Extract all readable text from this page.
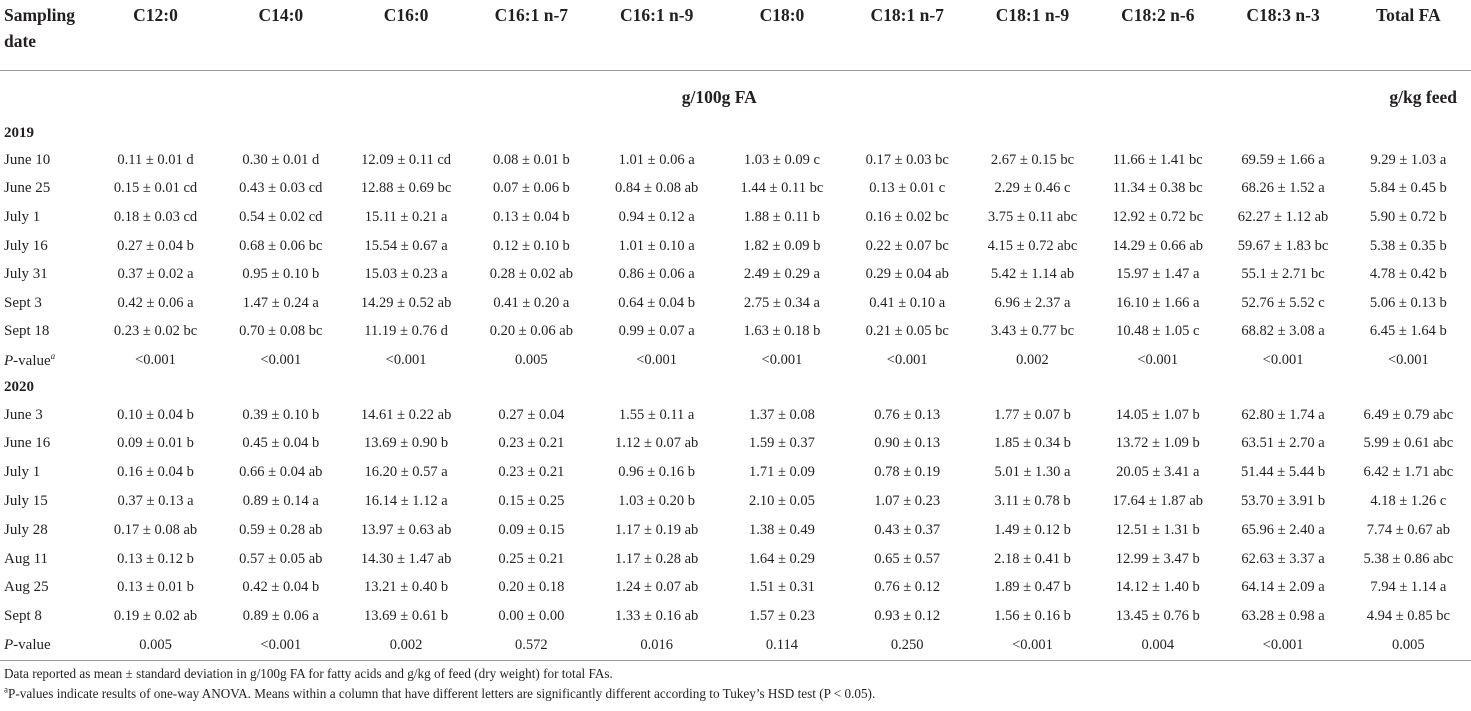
Sampling
date	C12:0	C14:0	C16:0	C16:1 n-7	C16:1 n-9	C18:0	C18:1 n-7	C18:1 n-9	C18:2 n-6	C18:3 n-3	Total FA
					g/100g FA						g/kg feed
2019											
June 10	0.11 ± 0.01 d	0.30 ± 0.01 d	12.09 ± 0.11 cd	0.08 ± 0.01 b	1.01 ± 0.06 a	1.03 ± 0.09 c	0.17 ± 0.03 bc	2.67 ± 0.15 bc	11.66 ± 1.41 bc	69.59 ± 1.66 a	9.29 ± 1.03 a
June 25	0.15 ± 0.01 cd	0.43 ± 0.03 cd	12.88 ± 0.69 bc	0.07 ± 0.06 b	0.84 ± 0.08 ab	1.44 ± 0.11 bc	0.13 ± 0.01 c	2.29 ± 0.46 c	11.34 ± 0.38 bc	68.26 ± 1.52 a	5.84 ± 0.45 b
July 1	0.18 ± 0.03 cd	0.54 ± 0.02 cd	15.11 ± 0.21 a	0.13 ± 0.04 b	0.94 ± 0.12 a	1.88 ± 0.11 b	0.16 ± 0.02 bc	3.75 ± 0.11 abc	12.92 ± 0.72 bc	62.27 ± 1.12 ab	5.90 ± 0.72 b
July 16	0.27 ± 0.04 b	0.68 ± 0.06 bc	15.54 ± 0.67 a	0.12 ± 0.10 b	1.01 ± 0.10 a	1.82 ± 0.09 b	0.22 ± 0.07 bc	4.15 ± 0.72 abc	14.29 ± 0.66 ab	59.67 ± 1.83 bc	5.38 ± 0.35 b
July 31	0.37 ± 0.02 a	0.95 ± 0.10 b	15.03 ± 0.23 a	0.28 ± 0.02 ab	0.86 ± 0.06 a	2.49 ± 0.29 a	0.29 ± 0.04 ab	5.42 ± 1.14 ab	15.97 ± 1.47 a	55.1 ± 2.71 bc	4.78 ± 0.42 b
Sept 3	0.42 ± 0.06 a	1.47 ± 0.24 a	14.29 ± 0.52 ab	0.41 ± 0.20 a	0.64 ± 0.04 b	2.75 ± 0.34 a	0.41 ± 0.10 a	6.96 ± 2.37 a	16.10 ± 1.66 a	52.76 ± 5.52 c	5.06 ± 0.13 b
Sept 18	0.23 ± 0.02 bc	0.70 ± 0.08 bc	11.19 ± 0.76 d	0.20 ± 0.06 ab	0.99 ± 0.07 a	1.63 ± 0.18 b	0.21 ± 0.05 bc	3.43 ± 0.77 bc	10.48 ± 1.05 c	68.82 ± 3.08 a	6.45 ± 1.64 b
P-value$^a$	<0.001	<0.001	<0.001	0.005	<0.001	<0.001	<0.001	0.002	<0.001	<0.001	<0.001
2020											
June 3	0.10 ± 0.04 b	0.39 ± 0.10 b	14.61 ± 0.22 ab	0.27 ± 0.04	1.55 ± 0.11 a	1.37 ± 0.08	0.76 ± 0.13	1.77 ± 0.07 b	14.05 ± 1.07 b	62.80 ± 1.74 a	6.49 ± 0.79 abc
June 16	0.09 ± 0.01 b	0.45 ± 0.04 b	13.69 ± 0.90 b	0.23 ± 0.21	1.12 ± 0.07 ab	1.59 ± 0.37	0.90 ± 0.13	1.85 ± 0.34 b	13.72 ± 1.09 b	63.51 ± 2.70 a	5.99 ± 0.61 abc
July 1	0.16 ± 0.04 b	0.66 ± 0.04 ab	16.20 ± 0.57 a	0.23 ± 0.21	0.96 ± 0.16 b	1.71 ± 0.09	0.78 ± 0.19	5.01 ± 1.30 a	20.05 ± 3.41 a	51.44 ± 5.44 b	6.42 ± 1.71 abc
July 15	0.37 ± 0.13 a	0.89 ± 0.14 a	16.14 ± 1.12 a	0.15 ± 0.25	1.03 ± 0.20 b	2.10 ± 0.05	1.07 ± 0.23	3.11 ± 0.78 b	17.64 ± 1.87 ab	53.70 ± 3.91 b	4.18 ± 1.26 c
July 28	0.17 ± 0.08 ab	0.59 ± 0.28 ab	13.97 ± 0.63 ab	0.09 ± 0.15	1.17 ± 0.19 ab	1.38 ± 0.49	0.43 ± 0.37	1.49 ± 0.12 b	12.51 ± 1.31 b	65.96 ± 2.40 a	7.74 ± 0.67 ab
Aug 11	0.13 ± 0.12 b	0.57 ± 0.05 ab	14.30 ± 1.47 ab	0.25 ± 0.21	1.17 ± 0.28 ab	1.64 ± 0.29	0.65 ± 0.57	2.18 ± 0.41 b	12.99 ± 3.47 b	62.63 ± 3.37 a	5.38 ± 0.86 abc
Aug 25	0.13 ± 0.01 b	0.42 ± 0.04 b	13.21 ± 0.40 b	0.20 ± 0.18	1.24 ± 0.07 ab	1.51 ± 0.31	0.76 ± 0.12	1.89 ± 0.47 b	14.12 ± 1.40 b	64.14 ± 2.09 a	7.94 ± 1.14 a
Sept 8	0.19 ± 0.02 ab	0.89 ± 0.06 a	13.69 ± 0.61 b	0.00 ± 0.00	1.33 ± 0.16 ab	1.57 ± 0.23	0.93 ± 0.12	1.56 ± 0.16 b	13.45 ± 0.76 b	63.28 ± 0.98 a	4.94 ± 0.85 bc
P-value	0.005	<0.001	0.002	0.572	0.016	0.114	0.250	<0.001	0.004	<0.001	0.005
Data reported as mean ± standard deviation in g/100g FA for fatty acids and g/kg of feed (dry weight) for total FAs.
$^a$P-values indicate results of one-way ANOVA. Means within a column that have different letters are significantly different according to Tukey’s HSD test (P < 0.05).
